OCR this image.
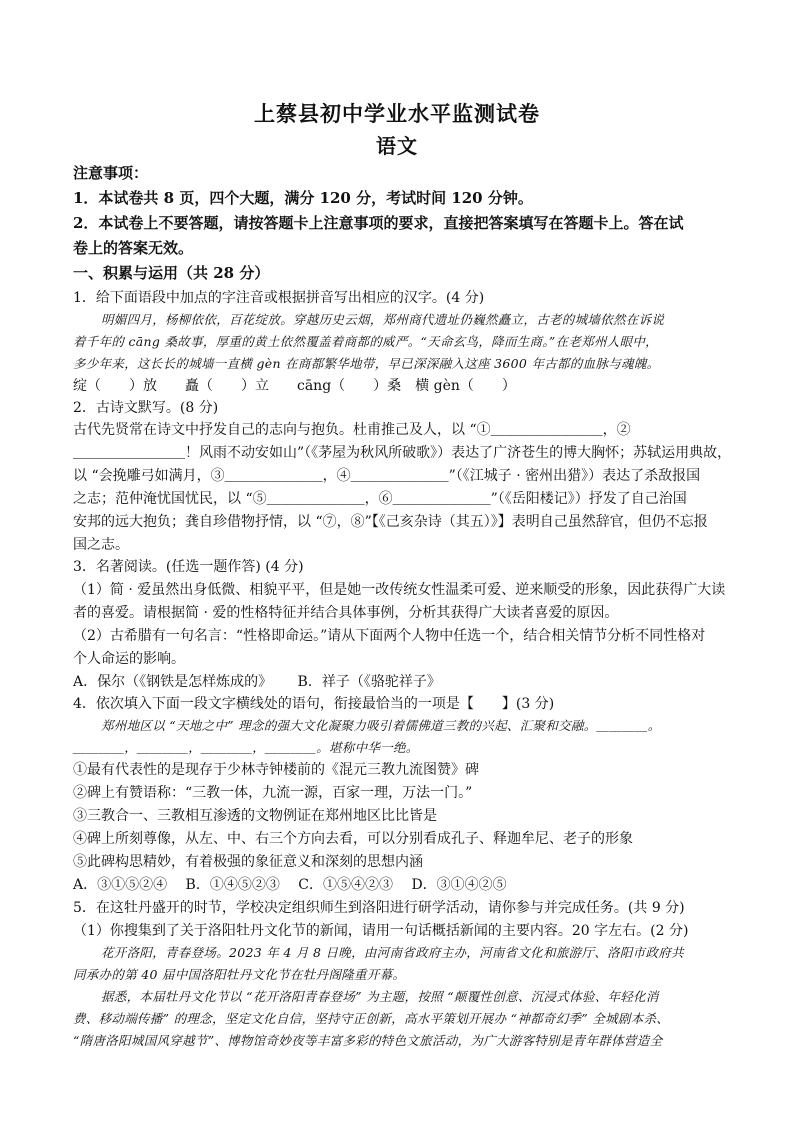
上蔡县初中学业水平监测试卷
语文
注意事项：
1．本试卷共 8 页，四个大题，满分 120 分，考试时间 120 分钟。
2．本试卷上不要答题，请按答题卡上注意事项的要求，直接把答案填写在答题卡上。答在试
卷上的答案无效。
一、积累与运用（共 28 分）
1．给下面语段中加点的字注音或根据拼音写出相应的汉字。(4 分)
明媚四月，杨柳依依，百花绽放。穿越历史云烟，郑州商代遗址仍巍然矗立，古老的城墙依然在诉说
着千年的 cāng 桑故事，厚重的黄土依然覆盖着商都的威严。“天命玄鸟，降而生商。”在老郑州人眼中，
多少年来，这长长的城墙一直横 gèn 在商都繁华地带，早已深深融入这座 3600 年古都的血脉与魂魄。
绽（　　）放　　矗（　　）立　　cāng（　　）桑　横 gèn（　　）
2．古诗文默写。(8 分)
古代先贤常在诗文中抒发自己的志向与抱负。杜甫推己及人，以 “①＿＿＿＿＿＿＿＿，②
＿＿＿＿＿＿＿＿！风雨不动安如山”（《茅屋为秋风所破歌》）表达了广济苍生的博大胸怀；苏轼运用典故，
以 “会挽雕弓如满月，③＿＿＿＿＿＿＿，④＿＿＿＿＿＿＿”（《江城子 · 密州出猎》）表达了杀敌报国
之志；范仲淹忧国忧民，以 “⑤＿＿＿＿＿＿＿，⑥＿＿＿＿＿＿＿”（《岳阳楼记》）抒发了自己治国
安邦的远大抱负；龚自珍借物抒情，以 “⑦，⑧”【《己亥杂诗（其五）》】表明自己虽然辞官，但仍不忘报
国之志。
3．名著阅读。(任选一题作答) (4 分)
（1）简 · 爱虽然出身低微、相貌平平，但是她一改传统女性温柔可爱、逆来顺受的形象，因此获得广大读
者的喜爱。请根据简 · 爱的性格特征并结合具体事例，分析其获得广大读者喜爱的原因。
（2）古希腊有一句名言：“性格即命运。”请从下面两个人物中任选一个，结合相关情节分析不同性格对
个人命运的影响。
A．保尔（《钢铁是怎样炼成的》　　 B．祥子（《骆驼祥子》
4．依次填入下面一段文字横线处的语句，衔接最恰当的一项是【　　】(3 分)
郑州地区以 “天地之中” 理念的强大文化凝聚力吸引着儒佛道三教的兴起、汇聚和交融。＿＿＿＿。
＿＿＿＿，＿＿＿＿，＿＿＿＿，＿＿＿＿。堪称中华一绝。
①最有代表性的是现存于少林寺钟楼前的《混元三教九流图赞》碑
②碑上有赞语称：“三教一体，九流一源，百家一理，万法一门。”
③三教合一、三教相互渗透的文物例证在郑州地区比比皆是
④碑上所刻尊像，从左、中、右三个方向去看，可以分别看成孔子、释迦牟尼、老子的形象
⑤此碑构思精妙，有着极强的象征意义和深刻的思想内涵
A．③①⑤②④　 B．①④⑤②③　 C．①⑤④②③　 D．③①④②⑤
5．在这牡丹盛开的时节，学校决定组织师生到洛阳进行研学活动，请你参与并完成任务。(共 9 分)
（1）你搜集到了关于洛阳牡丹文化节的新闻，请用一句话概括新闻的主要内容。20 字左右。(2 分)
花开洛阳，青春登场。2023 年 4 月 8 日晚，由河南省政府主办，河南省文化和旅游厅、洛阳市政府共
同承办的第 40 届中国洛阳牡丹文化节在牡丹阁隆重开幕。
据悉，本届牡丹文化节以 “花开洛阳青春登场” 为主题，按照 “颠覆性创意、沉浸式体验、年轻化消
费、移动端传播” 的理念，坚定文化自信，坚持守正创新，高水平策划开展办 “神都奇幻季” 全城剧本杀、
“隋唐洛阳城国风穿越节”、博物馆奇妙夜等丰富多彩的特色文旅活动，为广大游客特别是青年群体营造全
